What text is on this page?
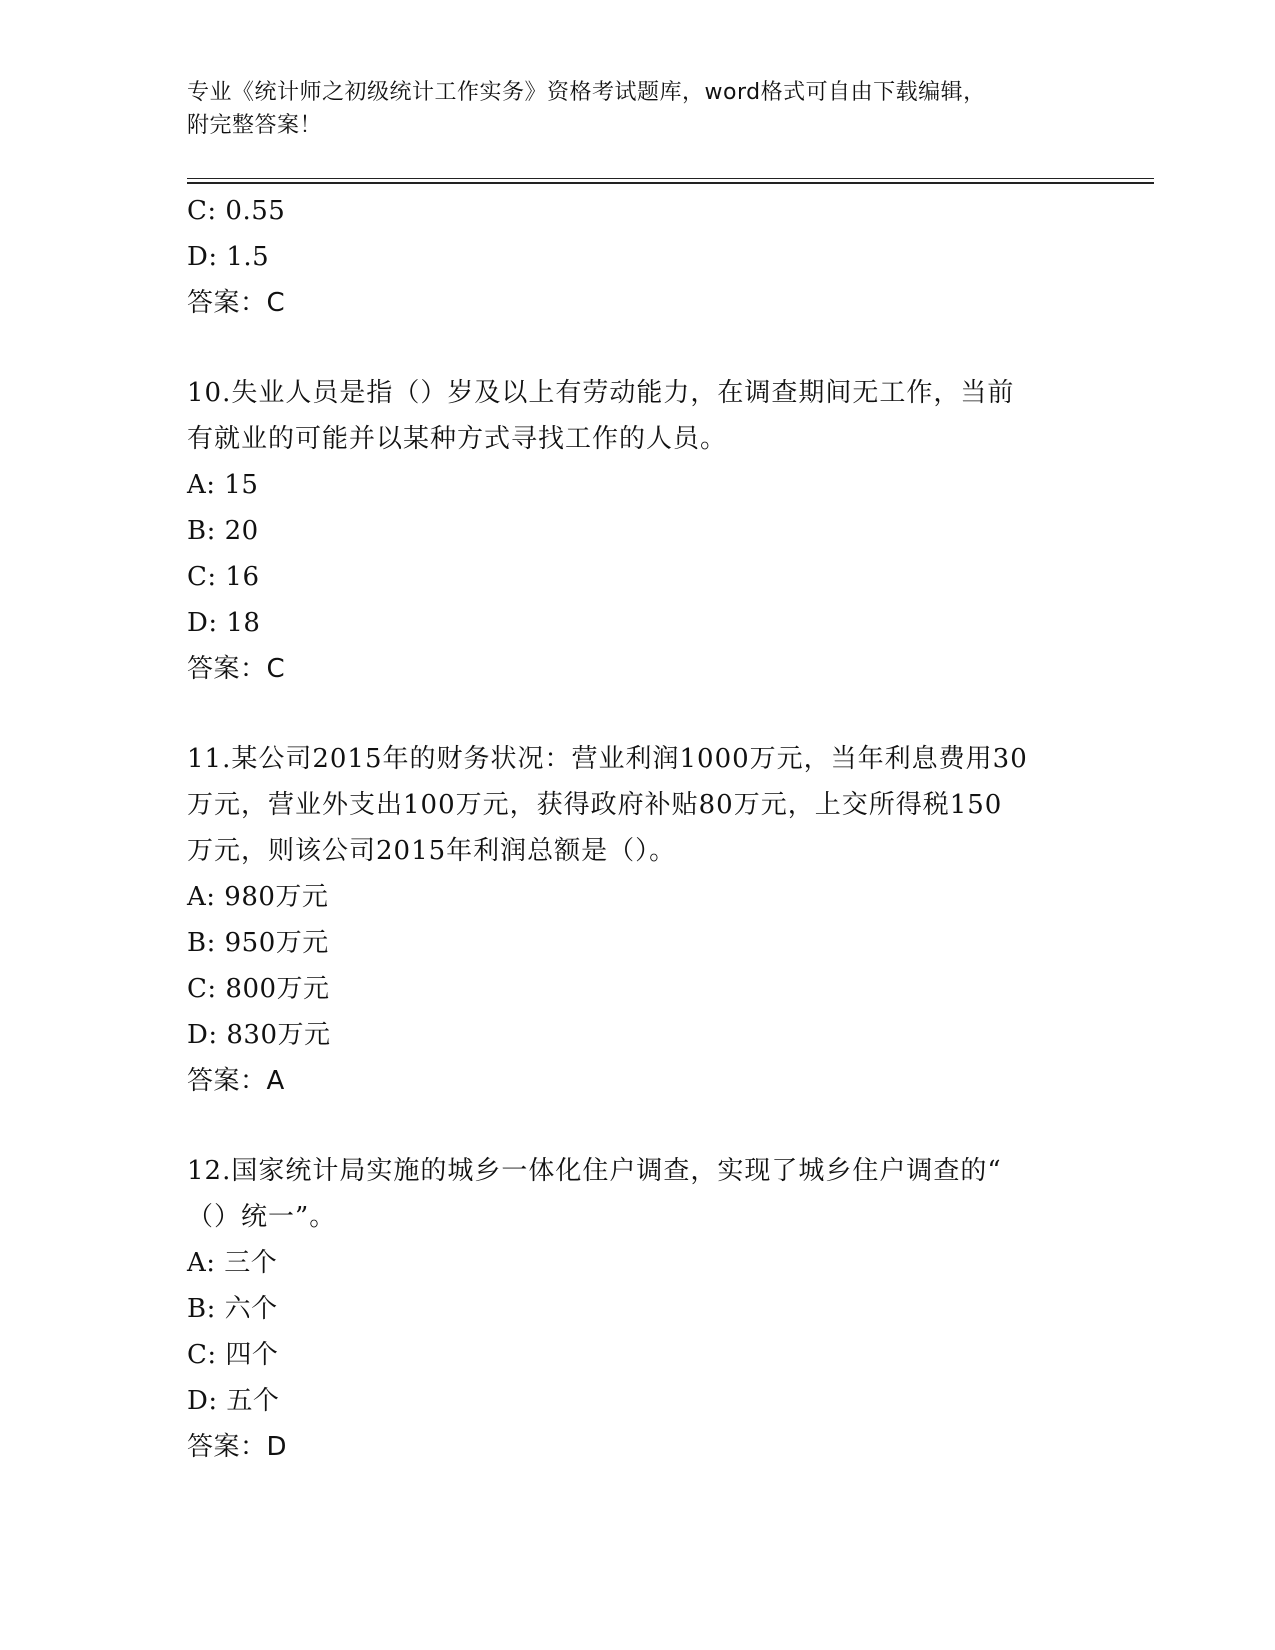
专业《统计师之初级统计工作实务》资格考试题库，word格式可自由下载编辑，
附完整答案！
C: 0.55
D: 1.5
答案：C
10.失业人员是指（）岁及以上有劳动能力，在调查期间无工作，当前
有就业的可能并以某种方式寻找工作的人员。
A: 15
B: 20
C: 16
D: 18
答案：C
11.某公司2015年的财务状况：营业利润1000万元，当年利息费用30
万元，营业外支出100万元，获得政府补贴80万元，上交所得税150
万元，则该公司2015年利润总额是（）。
A: 980万元
B: 950万元
C: 800万元
D: 830万元
答案：A
12.国家统计局实施的城乡一体化住户调查，实现了城乡住户调查的“
（）统一”。
A: 三个
B: 六个
C: 四个
D: 五个
答案：D
